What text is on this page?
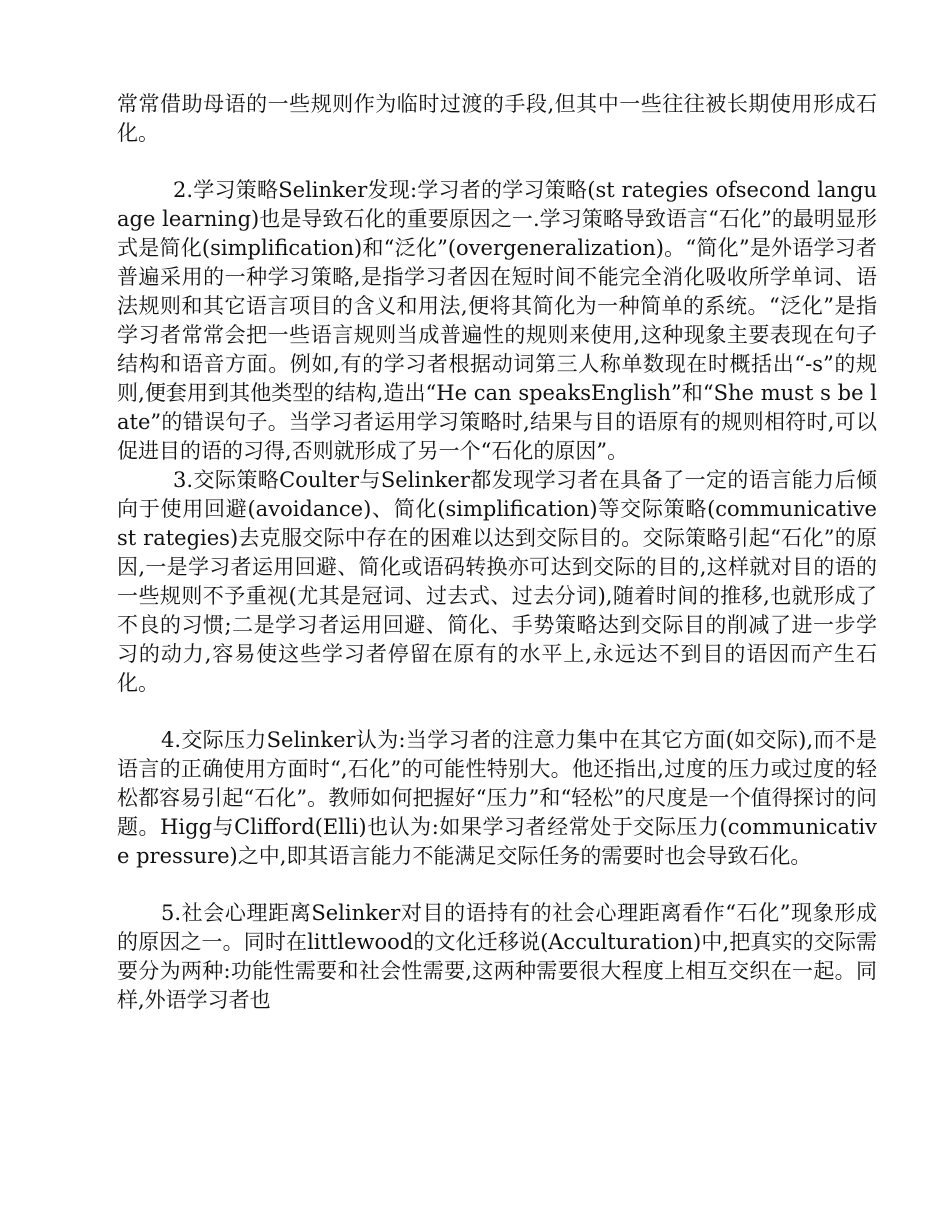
常常借助母语的一些规则作为临时过渡的手段,但其中一些往往被长期使用形成石化。

2.学习策略Selinker发现:学习者的学习策略(st rategies ofsecond language learning)也是导致石化的重要原因之一.学习策略导致语言“石化”的最明显形式是简化(simplification)和“泛化”(overgeneralization)。“简化”是外语学习者普遍采用的一种学习策略,是指学习者因在短时间不能完全消化吸收所学单词、语法规则和其它语言项目的含义和用法,便将其简化为一种简单的系统。“泛化”是指学习者常常会把一些语言规则当成普遍性的规则来使用,这种现象主要表现在句子结构和语音方面。例如,有的学习者根据动词第三人称单数现在时概括出“-s”的规则,便套用到其他类型的结构,造出“He can speaksEnglish”和“She must s be late”的错误句子。当学习者运用学习策略时,结果与目的语原有的规则相符时,可以促进目的语的习得,否则就形成了另一个“石化的原因”。

3.交际策略Coulter与Selinker都发现学习者在具备了一定的语言能力后倾向于使用回避(avoidance)、简化(simplification)等交际策略(communicative st rategies)去克服交际中存在的困难以达到交际目的。交际策略引起“石化”的原因,一是学习者运用回避、简化或语码转换亦可达到交际的目的,这样就对目的语的一些规则不予重视(尤其是冠词、过去式、过去分词),随着时间的推移,也就形成了不良的习惯;二是学习者运用回避、简化、手势策略达到交际目的削减了进一步学习的动力,容易使这些学习者停留在原有的水平上,永远达不到目的语因而产生石化。

4.交际压力Selinker认为:当学习者的注意力集中在其它方面(如交际),而不是语言的正确使用方面时“,石化”的可能性特别大。他还指出,过度的压力或过度的轻松都容易引起“石化”。教师如何把握好“压力”和“轻松”的尺度是一个值得探讨的问题。Higg与Clifford(Elli)也认为:如果学习者经常处于交际压力(communicative pressure)之中,即其语言能力不能满足交际任务的需要时也会导致石化。

5.社会心理距离Selinker对目的语持有的社会心理距离看作“石化”现象形成的原因之一。同时在littlewood的文化迁移说(Acculturation)中,把真实的交际需要分为两种:功能性需要和社会性需要,这两种需要很大程度上相互交织在一起。同样,外语学习者也
